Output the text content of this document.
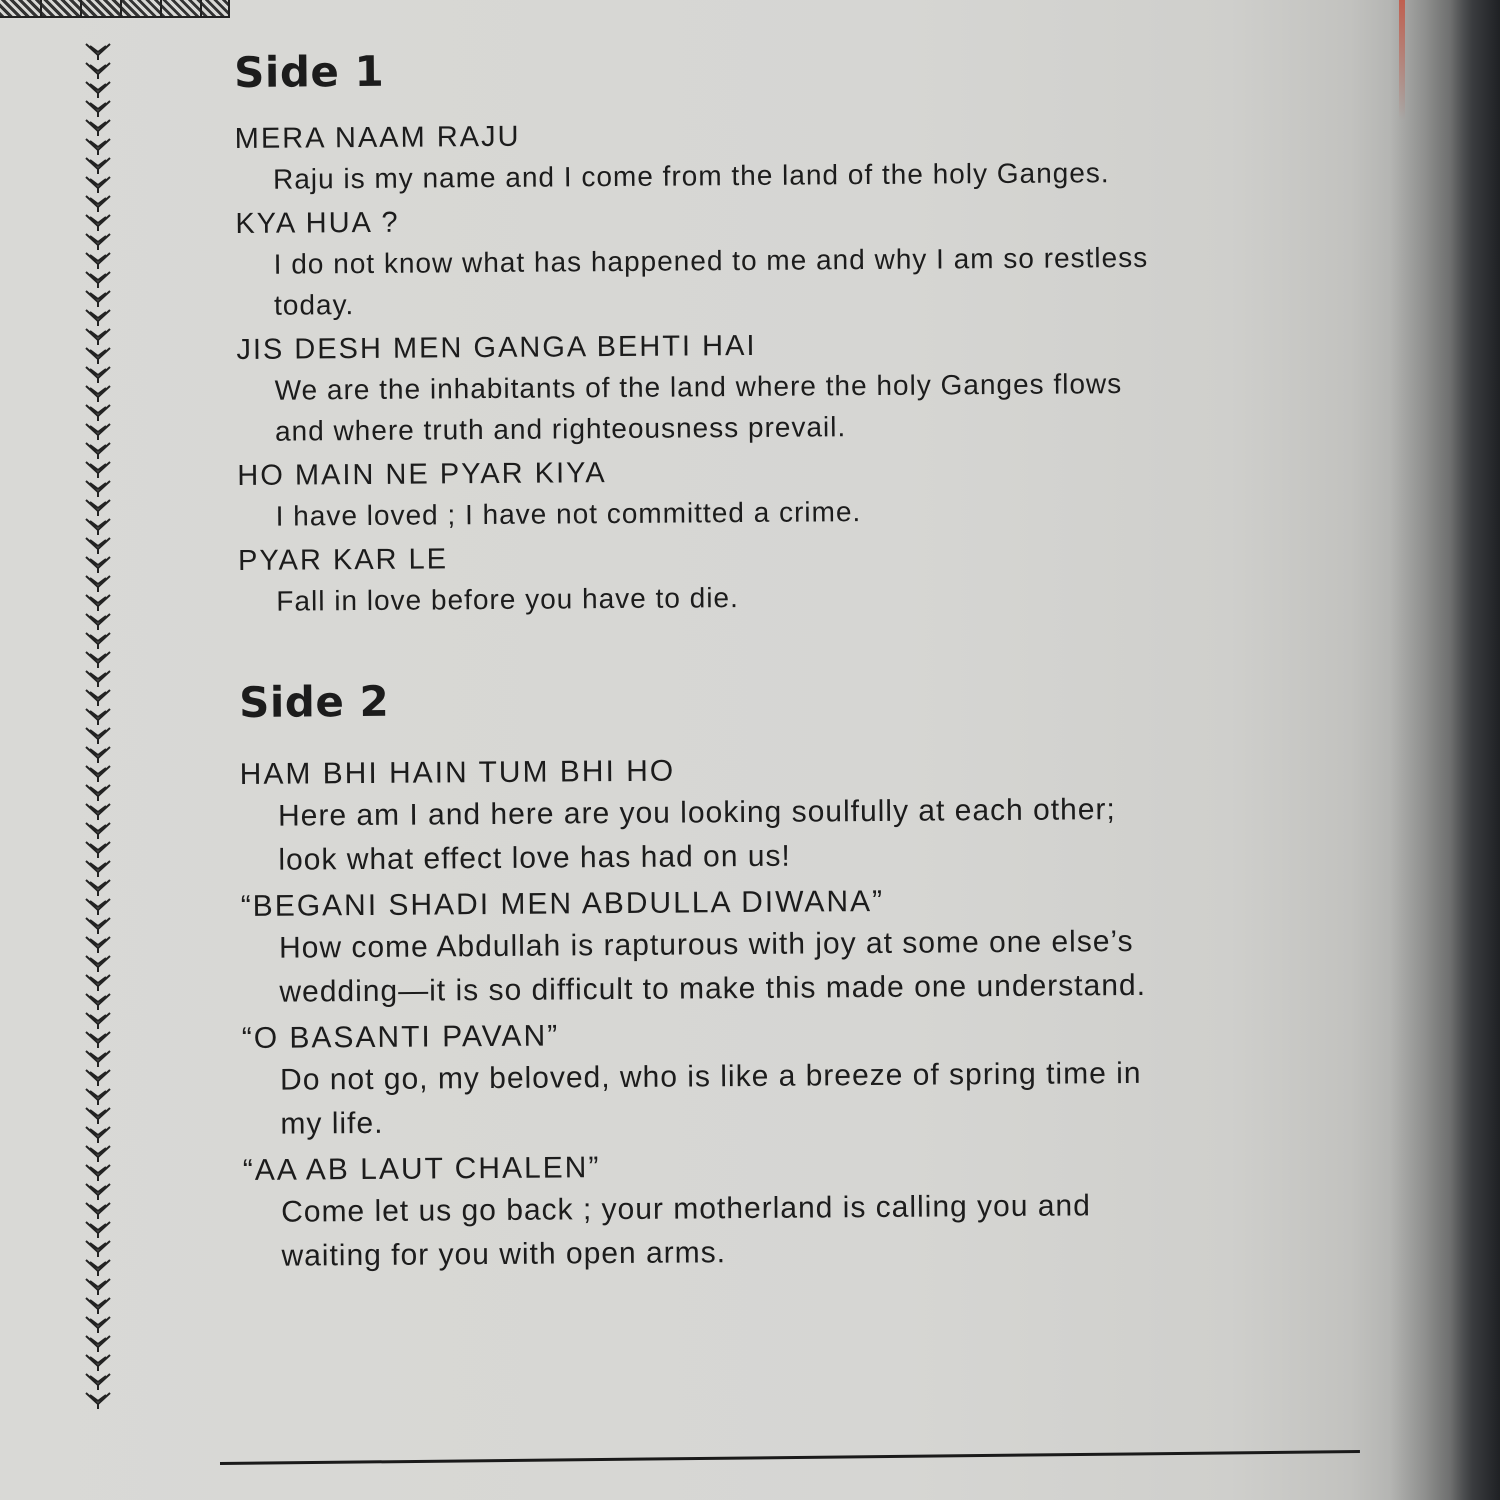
Side 1
MERA NAAM RAJU
Raju is my name and I come from the land of the holy Ganges.
KYA HUA ?
I do not know what has happened to me and why I am so restless today.
JIS DESH MEN GANGA BEHTI HAI
We are the inhabitants of the land where the holy Ganges flows and where truth and righteousness prevail.
HO MAIN NE PYAR KIYA
I have loved ; I have not committed a crime.
PYAR KAR LE
Fall in love before you have to die.
Side 2
HAM BHI HAIN TUM BHI HO
Here am I and here are you looking soulfully at each other; look what effect love has had on us!
“BEGANI SHADI MEN ABDULLA DIWANA”
How come Abdullah is rapturous with joy at some one else’s wedding—it is so difficult to make this made one understand.
“O BASANTI PAVAN”
Do not go, my beloved, who is like a breeze of spring time in my life.
“AA AB LAUT CHALEN”
Come let us go back ; your motherland is calling you and waiting for you with open arms.
